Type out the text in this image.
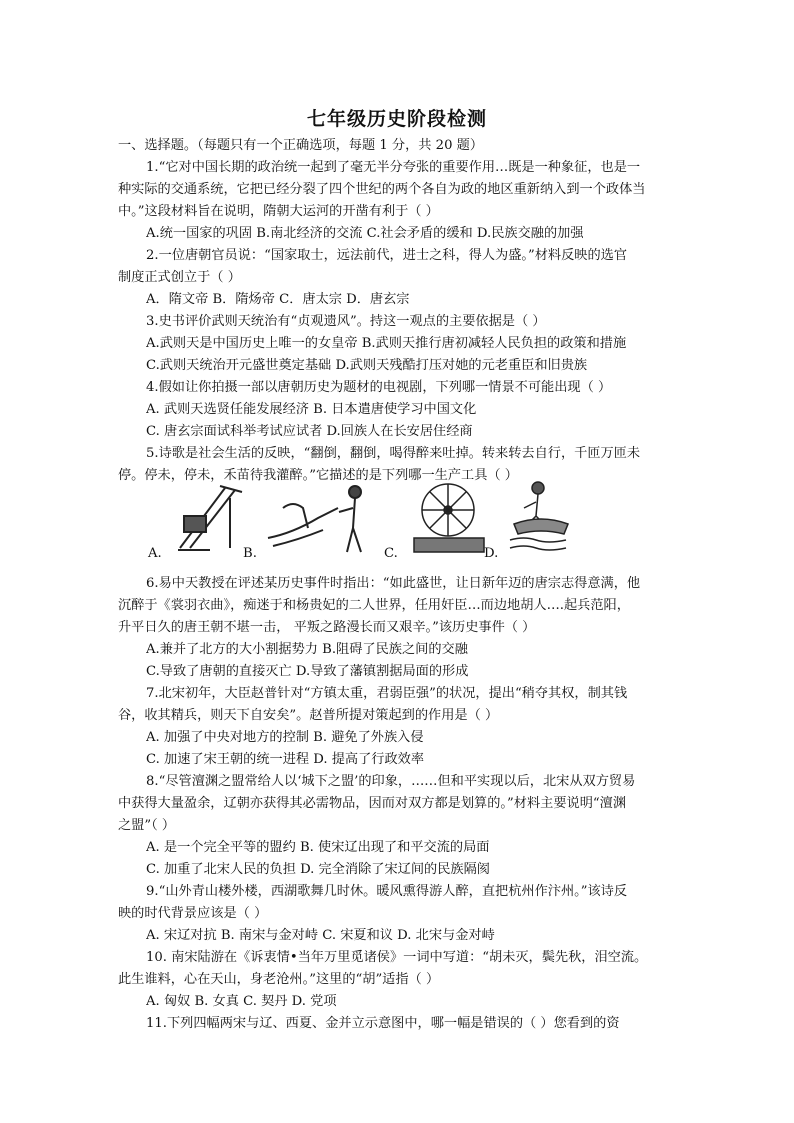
七年级历史阶段检测
一、选择题。（每题只有一个正确选项，每题 1 分，共 20 题）
1.“它对中国长期的政治统一起到了毫无半分夸张的重要作用…既是一种象征，也是一
种实际的交通系统，它把已经分裂了四个世纪的两个各自为政的地区重新纳入到一个政体当
中。”这段材料旨在说明，隋朝大运河的开凿有利于（ ）
A.统一国家的巩固 B.南北经济的交流 C.社会矛盾的缓和 D.民族交融的加强
2.一位唐朝官员说：“国家取士，远法前代，进士之科，得人为盛。”材料反映的选官
制度正式创立于（ ）
A．隋文帝 B．隋炀帝 C．唐太宗 D．唐玄宗
3.史书评价武则天统治有“贞观遗风”。持这一观点的主要依据是（ ）
A.武则天是中国历史上唯一的女皇帝 B.武则天推行唐初减轻人民负担的政策和措施
C.武则天统治开元盛世奠定基础 D.武则天残酷打压对她的元老重臣和旧贵族
4.假如让你拍摄一部以唐朝历史为题材的电视剧，下列哪一情景不可能出现（ ）
A. 武则天选贤任能发展经济 B. 日本遣唐使学习中国文化
C. 唐玄宗面试科举考试应试者 D.回族人在长安居住经商
5.诗歌是社会生活的反映，“翻倒，翻倒，喝得醉来吐掉。转来转去自行，千匝万匝未
停。停未，停未，禾苗待我灌醉。”它描述的是下列哪一生产工具（ ）
A.	B.	C.	D.
6.易中天教授在评述某历史事件时指出：“如此盛世，让日新年迈的唐宗志得意满，他
沉醉于《裳羽衣曲》，痴迷于和杨贵妃的二人世界，任用奸臣…而边地胡人….起兵范阳，
升平日久的唐王朝不堪一击， 平叛之路漫长而又艰辛。”该历史事件（ ）
A.兼并了北方的大小割据势力 B.阻碍了民族之间的交融
C.导致了唐朝的直接灭亡 D.导致了藩镇割据局面的形成
7.北宋初年，大臣赵普针对“方镇太重，君弱臣强”的状况，提出“稍夺其权，制其钱
谷，收其精兵，则天下自安矣”。赵普所提对策起到的作用是（ ）
A. 加强了中央对地方的控制 B. 避免了外族入侵
C. 加速了宋王朝的统一进程 D. 提高了行政效率
8.“尽管澶渊之盟常给人以‘城下之盟’的印象，……但和平实现以后，北宋从双方贸易
中获得大量盈余，辽朝亦获得其必需物品，因而对双方都是划算的。”材料主要说明“澶渊
之盟”（ ）
A. 是一个完全平等的盟约 B. 使宋辽出现了和平交流的局面
C. 加重了北宋人民的负担 D. 完全消除了宋辽间的民族隔阂
9.“山外青山楼外楼，西湖歌舞几时休。暖风熏得游人醉，直把杭州作汴州。”该诗反
映的时代背景应该是（ ）
A. 宋辽对抗 B. 南宋与金对峙 C. 宋夏和议 D. 北宋与金对峙
10. 南宋陆游在《诉衷情•当年万里觅诸侯》一词中写道：“胡未灭，鬓先秋，泪空流。
此生谁料，心在天山，身老沧州。”这里的“胡”适指（ ）
A. 匈奴 B. 女真 C. 契丹 D. 党项
11.下列四幅两宋与辽、西夏、金并立示意图中，哪一幅是错误的（ ）您看到的资
